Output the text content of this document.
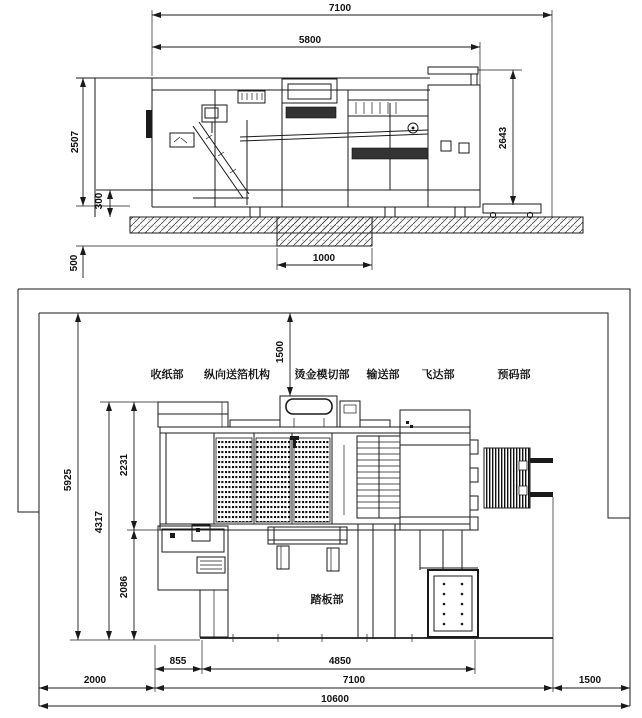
7100
5800
2507
300
500
2643
1000
收纸部 纵向送箔机构 烫金模切部 输送部 飞达部	预码部
踏板部
5925
4317
2231
2086
1500
855	4850
2000	7100	1500
10600
